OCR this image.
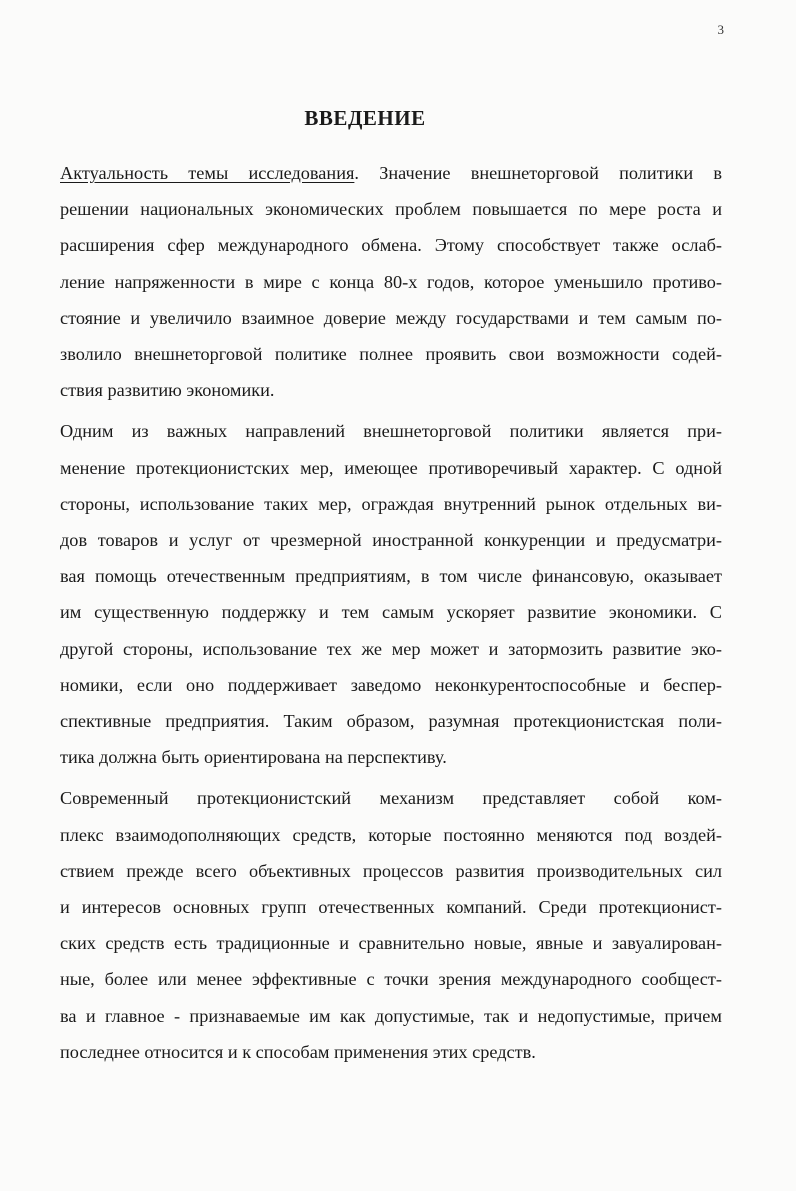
3
ВВЕДЕНИЕ
Актуальность темы исследования. Значение внешнеторговой политики в
решении национальных экономических проблем повышается по мере роста и
расширения сфер международного обмена. Этому способствует также ослаб-
ление напряженности в мире с конца 80-х годов, которое уменьшило противо-
стояние и увеличило взаимное доверие между государствами и тем самым по-
зволило внешнеторговой политике полнее проявить свои возможности содей-
ствия развитию экономики.
Одним из важных направлений внешнеторговой политики является при-
менение протекционистских мер, имеющее противоречивый характер. С одной
стороны, использование таких мер, ограждая внутренний рынок отдельных ви-
дов товаров и услуг от чрезмерной иностранной конкуренции и предусматри-
вая помощь отечественным предприятиям, в том числе финансовую, оказывает
им существенную поддержку и тем самым ускоряет развитие экономики. С
другой стороны, использование тех же мер может и затормозить развитие эко-
номики, если оно поддерживает заведомо неконкурентоспособные и беспер-
спективные предприятия. Таким образом, разумная протекционистская поли-
тика должна быть ориентирована на перспективу.
Современный протекционистский механизм представляет собой ком-
плекс взаимодополняющих средств, которые постоянно меняются под воздей-
ствием прежде всего объективных процессов развития производительных сил
и интересов основных групп отечественных компаний. Среди протекционист-
ских средств есть традиционные и сравнительно новые, явные и завуалирован-
ные, более или менее эффективные с точки зрения международного сообщест-
ва и главное - признаваемые им как допустимые, так и недопустимые, причем
последнее относится и к способам применения этих средств.
